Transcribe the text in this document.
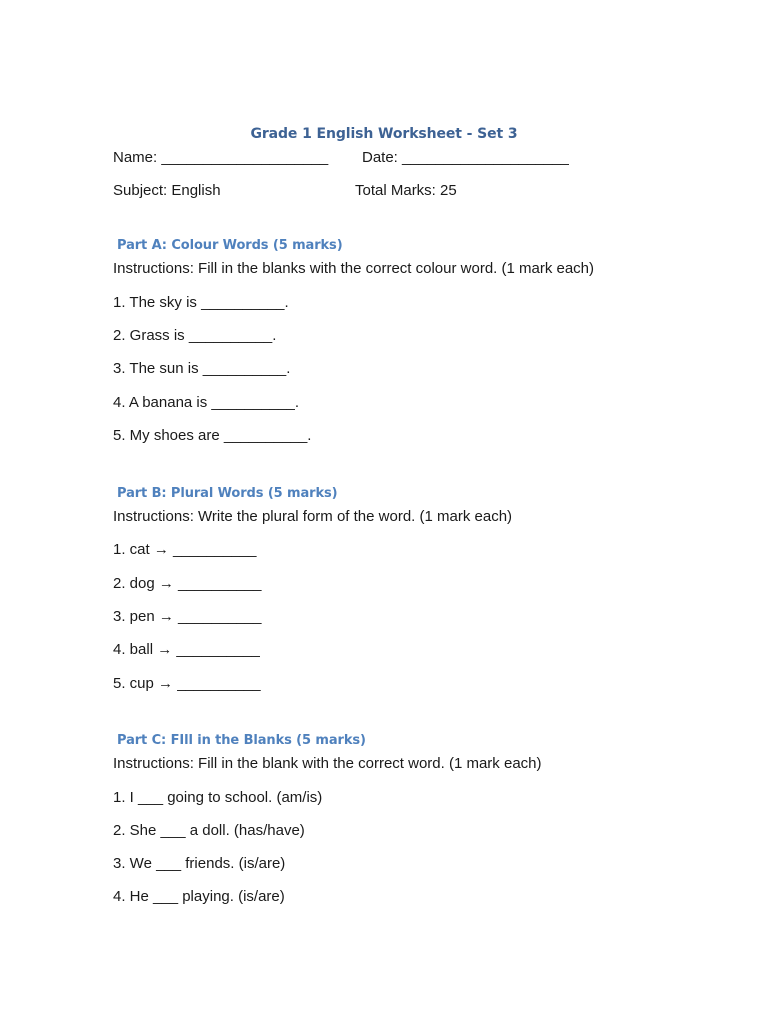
Grade 1 English Worksheet - Set 3
Name: ____________________ Date: ____________________
Subject: English	Total Marks: 25
Part A: Colour Words (5 marks)
Instructions: Fill in the blanks with the correct colour word. (1 mark each)
1. The sky is __________.
2. Grass is __________.
3. The sun is __________.
4. A banana is __________.
5. My shoes are __________.
Part B: Plural Words (5 marks)
Instructions: Write the plural form of the word. (1 mark each)
1. cat → __________
2. dog → __________
3. pen → __________
4. ball → __________
5. cup → __________
Part C: FIll in the Blanks (5 marks)
Instructions: Fill in the blank with the correct word. (1 mark each)
1. I ___ going to school. (am/is)
2. She ___ a doll. (has/have)
3. We ___ friends. (is/are)
4. He ___ playing. (is/are)
